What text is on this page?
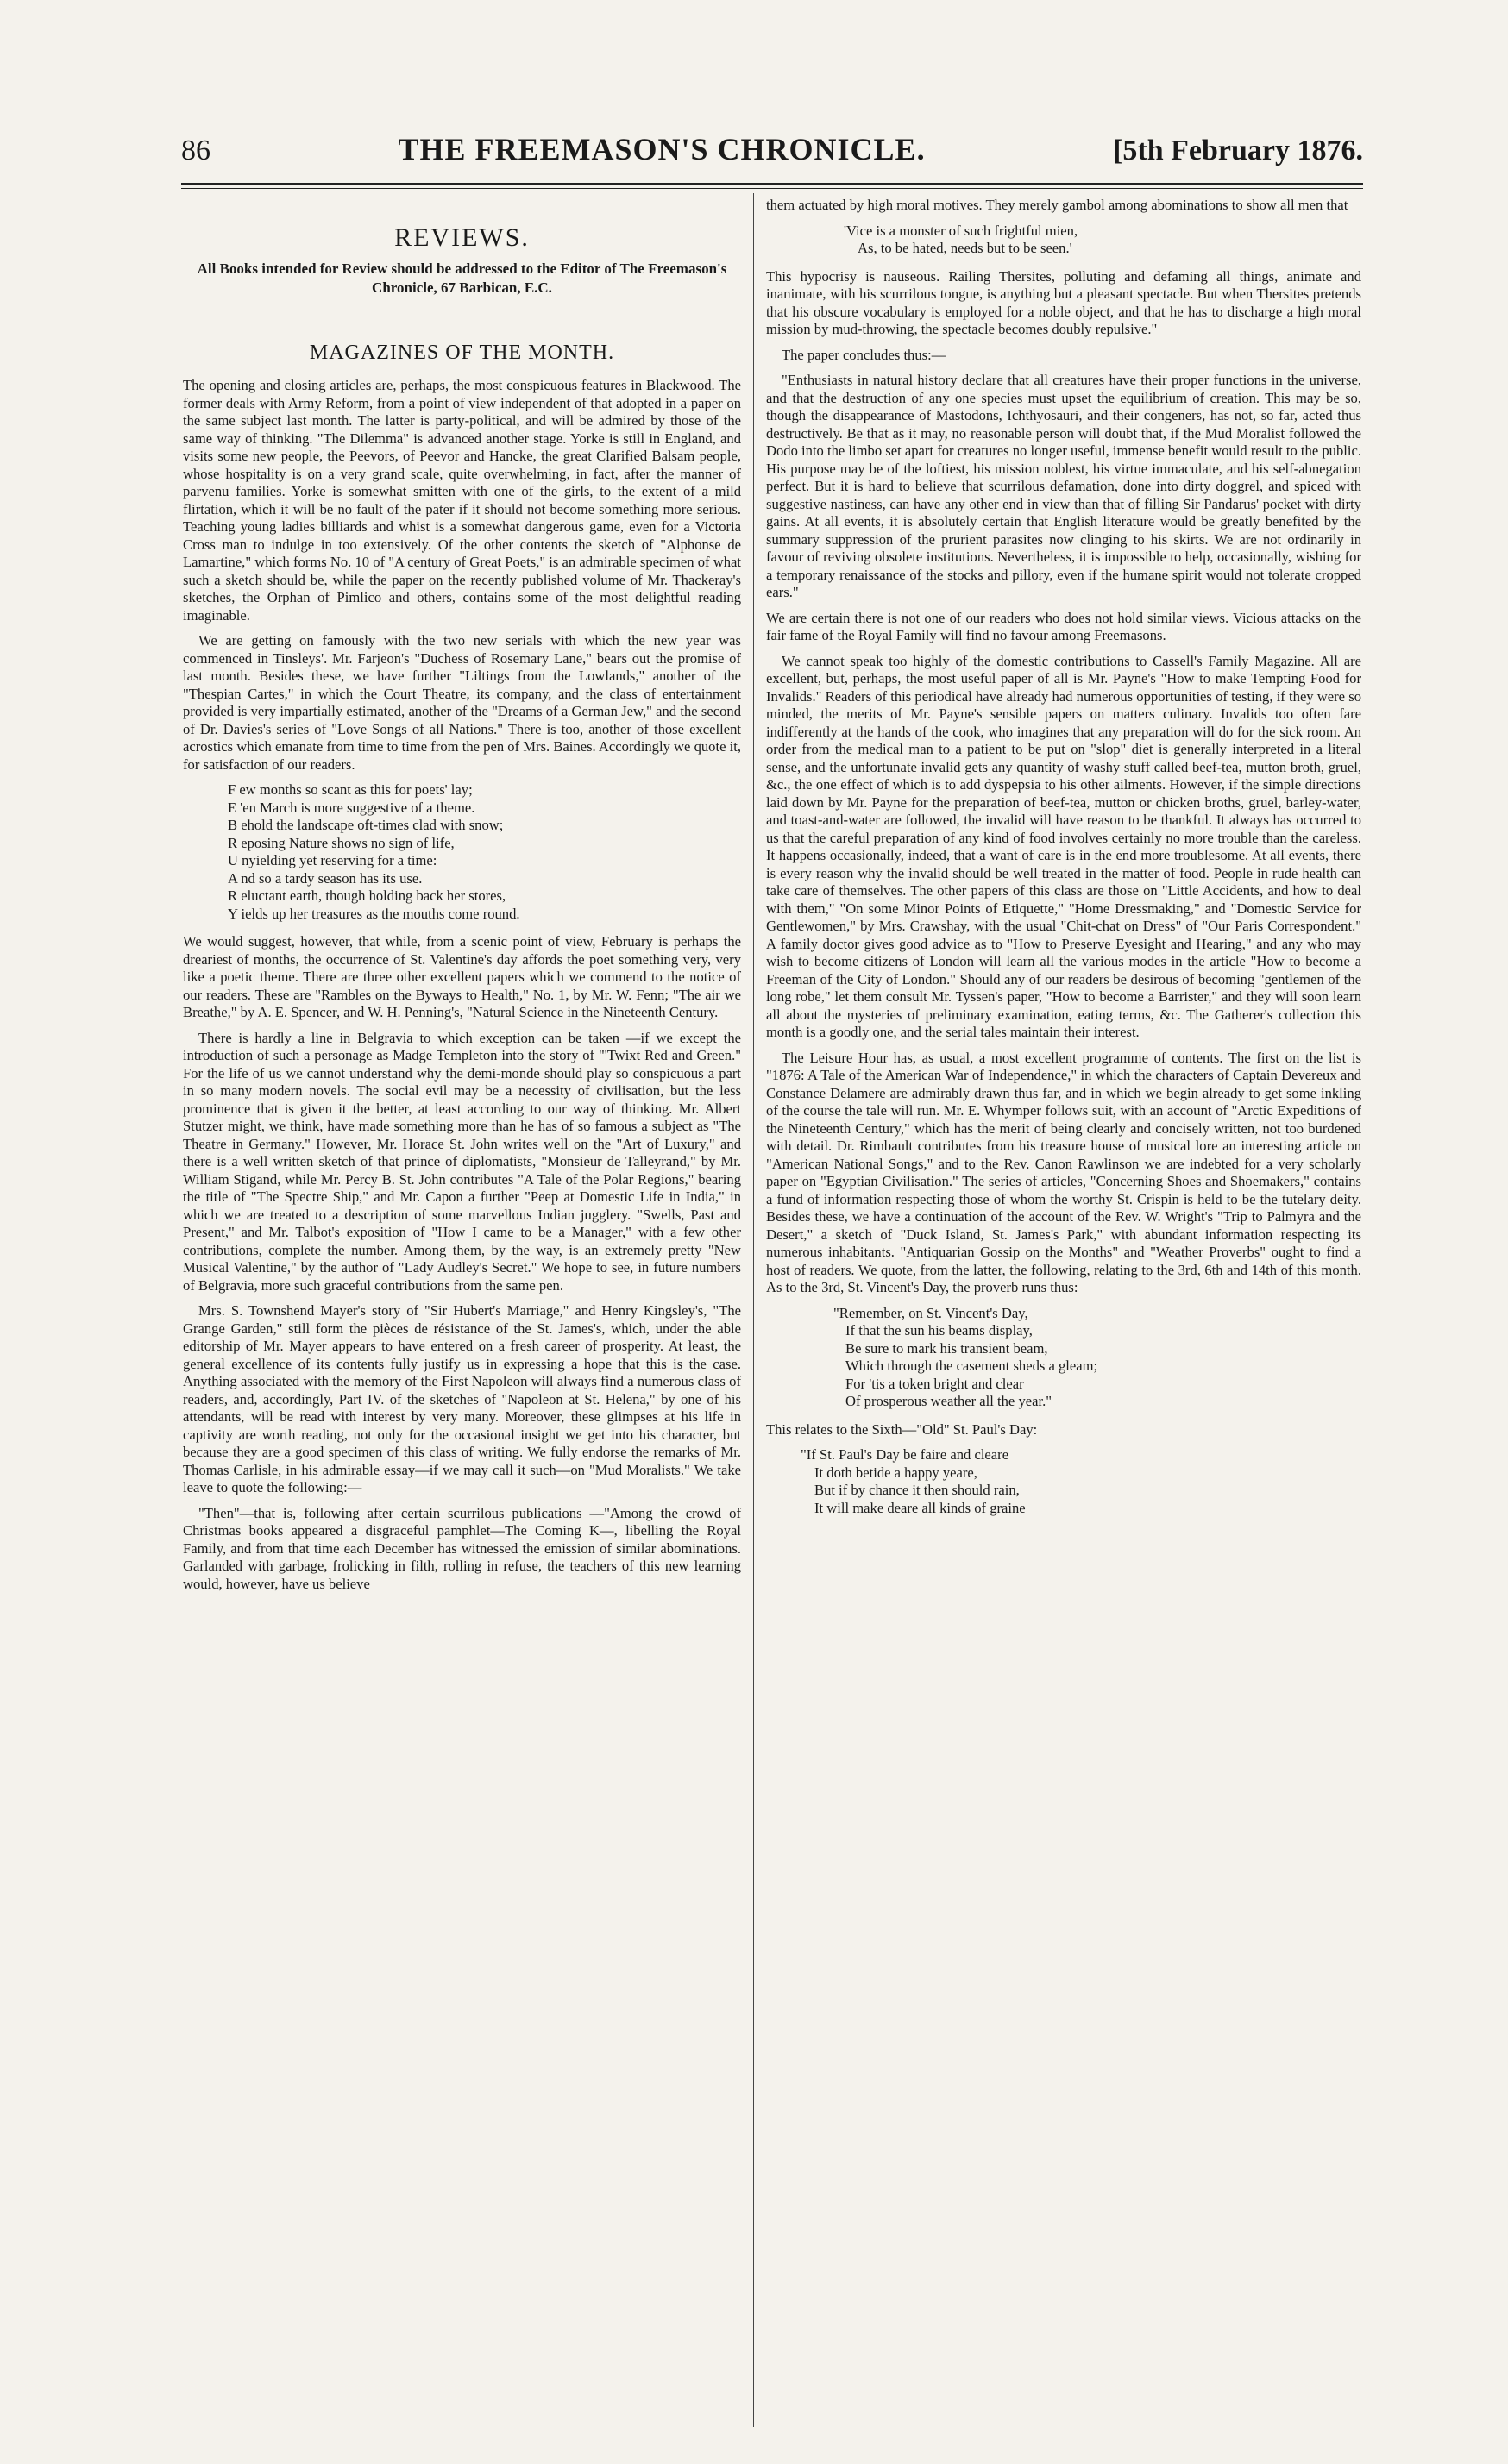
86	THE FREEMASON'S CHRONICLE.	[5th February 1876.
REVIEWS.
All Books intended for Review should be addressed to the Editor of The Freemason's Chronicle, 67 Barbican, E.C.
MAGAZINES OF THE MONTH.

The opening and closing articles are, perhaps, the most conspicuous features in Blackwood. The former deals with Army Reform, from a point of view independent of that adopted in a paper on the same subject last month. The latter is party-political, and will be admired by those of the same way of thinking. "The Dilemma" is advanced another stage. Yorke is still in England, and visits some new people, the Peevors, of Peevor and Hancke, the great Clarified Balsam people, whose hospitality is on a very grand scale, quite overwhelming, in fact, after the manner of parvenu families. Yorke is somewhat smitten with one of the girls, to the extent of a mild flirtation, which it will be no fault of the pater if it should not become something more serious. Teaching young ladies billiards and whist is a somewhat dangerous game, even for a Victoria Cross man to indulge in too extensively. Of the other contents the sketch of "Alphonse de Lamartine," which forms No. 10 of "A century of Great Poets," is an admirable specimen of what such a sketch should be, while the paper on the recently published volume of Mr. Thackeray's sketches, the Orphan of Pimlico and others, contains some of the most delightful reading imaginable.

We are getting on famously with the two new serials with which the new year was commenced in Tinsleys'. Mr. Farjeon's "Duchess of Rosemary Lane," bears out the promise of last month. Besides these, we have further "Liltings from the Lowlands," another of the "Thespian Cartes," in which the Court Theatre, its company, and the class of entertainment provided is very impartially estimated, another of the "Dreams of a German Jew," and the second of Dr. Davies's series of "Love Songs of all Nations." There is too, another of those excellent acrostics which emanate from time to time from the pen of Mrs. Baines. Accordingly we quote it, for satisfaction of our readers.

F ew months so scant as this for poets' lay;
E 'en March is more suggestive of a theme.
B ehold the landscape oft-times clad with snow;
R eposing Nature shows no sign of life,
U nyielding yet reserving for a time:
A nd so a tardy season has its use.
R eluctant earth, though holding back her stores,
Y ields up her treasures as the mouths come round.

We would suggest, however, that while, from a scenic point of view, February is perhaps the dreariest of months, the occurrence of St. Valentine's day affords the poet something very, very like a poetic theme. There are three other excellent papers which we commend to the notice of our readers. These are "Rambles on the Byways to Health," No. 1, by Mr. W. Fenn; "The air we Breathe," by A. E. Spencer, and W. H. Penning's, "Natural Science in the Nineteenth Century.

There is hardly a line in Belgravia to which exception can be taken —if we except the introduction of such a personage as Madge Templeton into the story of "'Twixt Red and Green." For the life of us we cannot understand why the demi-monde should play so conspicuous a part in so many modern novels. The social evil may be a necessity of civilisation, but the less prominence that is given it the better, at least according to our way of thinking. Mr. Albert Stutzer might, we think, have made something more than he has of so famous a subject as "The Theatre in Germany." However, Mr. Horace St. John writes well on the "Art of Luxury," and there is a well written sketch of that prince of diplomatists, "Monsieur de Talleyrand," by Mr. William Stigand, while Mr. Percy B. St. John contributes "A Tale of the Polar Regions," bearing the title of "The Spectre Ship," and Mr. Capon a further "Peep at Domestic Life in India," in which we are treated to a description of some marvellous Indian jugglery. "Swells, Past and Present," and Mr. Talbot's exposition of "How I came to be a Manager," with a few other contributions, complete the number. Among them, by the way, is an extremely pretty "New Musical Valentine," by the author of "Lady Audley's Secret." We hope to see, in future numbers of Belgravia, more such graceful contributions from the same pen.

Mrs. S. Townshend Mayer's story of "Sir Hubert's Marriage," and Henry Kingsley's, "The Grange Garden," still form the pièces de résistance of the St. James's, which, under the able editorship of Mr. Mayer appears to have entered on a fresh career of prosperity. At least, the general excellence of its contents fully justify us in expressing a hope that this is the case. Anything associated with the memory of the First Napoleon will always find a numerous class of readers, and, accordingly, Part IV. of the sketches of "Napoleon at St. Helena," by one of his attendants, will be read with interest by very many. Moreover, these glimpses at his life in captivity are worth reading, not only for the occasional insight we get into his character, but because they are a good specimen of this class of writing. We fully endorse the remarks of Mr. Thomas Carlisle, in his admirable essay—if we may call it such—on "Mud Moralists." We take leave to quote the following:—

"Then"—that is, following after certain scurrilous publications —"Among the crowd of Christmas books appeared a disgraceful pamphlet—The Coming K—, libelling the Royal Family, and from that time each December has witnessed the emission of similar abominations. Garlanded with garbage, frolicking in filth, rolling in refuse, the teachers of this new learning would, however, have us believe

them actuated by high moral motives. They merely gambol among abominations to show all men that

'Vice is a monster of such frightful mien,
As, to be hated, needs but to be seen.'

This hypocrisy is nauseous. Railing Thersites, polluting and defaming all things, animate and inanimate, with his scurrilous tongue, is anything but a pleasant spectacle. But when Thersites pretends that his obscure vocabulary is employed for a noble object, and that he has to discharge a high moral mission by mud-throwing, the spectacle becomes doubly repulsive."

The paper concludes thus:—

"Enthusiasts in natural history declare that all creatures have their proper functions in the universe, and that the destruction of any one species must upset the equilibrium of creation. This may be so, though the disappearance of Mastodons, Ichthyosauri, and their congeners, has not, so far, acted thus destructively. Be that as it may, no reasonable person will doubt that, if the Mud Moralist followed the Dodo into the limbo set apart for creatures no longer useful, immense benefit would result to the public. His purpose may be of the loftiest, his mission noblest, his virtue immaculate, and his self-abnegation perfect. But it is hard to believe that scurrilous defamation, done into dirty doggrel, and spiced with suggestive nastiness, can have any other end in view than that of filling Sir Pandarus' pocket with dirty gains. At all events, it is absolutely certain that English literature would be greatly benefited by the summary suppression of the prurient parasites now clinging to his skirts. We are not ordinarily in favour of reviving obsolete institutions. Nevertheless, it is impossible to help, occasionally, wishing for a temporary renaissance of the stocks and pillory, even if the humane spirit would not tolerate cropped ears."

We are certain there is not one of our readers who does not hold similar views. Vicious attacks on the fair fame of the Royal Family will find no favour among Freemasons.

We cannot speak too highly of the domestic contributions to Cassell's Family Magazine. All are excellent, but, perhaps, the most useful paper of all is Mr. Payne's "How to make Tempting Food for Invalids." Readers of this periodical have already had numerous opportunities of testing, if they were so minded, the merits of Mr. Payne's sensible papers on matters culinary. Invalids too often fare indifferently at the hands of the cook, who imagines that any preparation will do for the sick room. An order from the medical man to a patient to be put on "slop" diet is generally interpreted in a literal sense, and the unfortunate invalid gets any quantity of washy stuff called beef-tea, mutton broth, gruel, &c., the one effect of which is to add dyspepsia to his other ailments. However, if the simple directions laid down by Mr. Payne for the preparation of beef-tea, mutton or chicken broths, gruel, barley-water, and toast-and-water are followed, the invalid will have reason to be thankful. It always has occurred to us that the careful preparation of any kind of food involves certainly no more trouble than the careless. It happens occasionally, indeed, that a want of care is in the end more troublesome. At all events, there is every reason why the invalid should be well treated in the matter of food. People in rude health can take care of themselves. The other papers of this class are those on "Little Accidents, and how to deal with them," "On some Minor Points of Etiquette," "Home Dressmaking," and "Domestic Service for Gentlewomen," by Mrs. Crawshay, with the usual "Chit-chat on Dress" of "Our Paris Correspondent." A family doctor gives good advice as to "How to Preserve Eyesight and Hearing," and any who may wish to become citizens of London will learn all the various modes in the article "How to become a Freeman of the City of London." Should any of our readers be desirous of becoming "gentlemen of the long robe," let them consult Mr. Tyssen's paper, "How to become a Barrister," and they will soon learn all about the mysteries of preliminary examination, eating terms, &c. The Gatherer's collection this month is a goodly one, and the serial tales maintain their interest.

The Leisure Hour has, as usual, a most excellent programme of contents. The first on the list is "1876: A Tale of the American War of Independence," in which the characters of Captain Devereux and Constance Delamere are admirably drawn thus far, and in which we begin already to get some inkling of the course the tale will run. Mr. E. Whymper follows suit, with an account of "Arctic Expeditions of the Nineteenth Century," which has the merit of being clearly and concisely written, not too burdened with detail. Dr. Rimbault contributes from his treasure house of musical lore an interesting article on "American National Songs," and to the Rev. Canon Rawlinson we are indebted for a very scholarly paper on "Egyptian Civilisation." The series of articles, "Concerning Shoes and Shoemakers," contains a fund of information respecting those of whom the worthy St. Crispin is held to be the tutelary deity. Besides these, we have a continuation of the account of the Rev. W. Wright's "Trip to Palmyra and the Desert," a sketch of "Duck Island, St. James's Park," with abundant information respecting its numerous inhabitants. "Antiquarian Gossip on the Months" and "Weather Proverbs" ought to find a host of readers. We quote, from the latter, the following, relating to the 3rd, 6th and 14th of this month. As to the 3rd, St. Vincent's Day, the proverb runs thus:

"Remember, on St. Vincent's Day,
If that the sun his beams display,
Be sure to mark his transient beam,
Which through the casement sheds a gleam;
For 'tis a token bright and clear
Of prosperous weather all the year."

This relates to the Sixth—"Old" St. Paul's Day:

"If St. Paul's Day be faire and cleare
It doth betide a happy yeare,
But if by chance it then should rain,
It will make deare all kinds of graine
